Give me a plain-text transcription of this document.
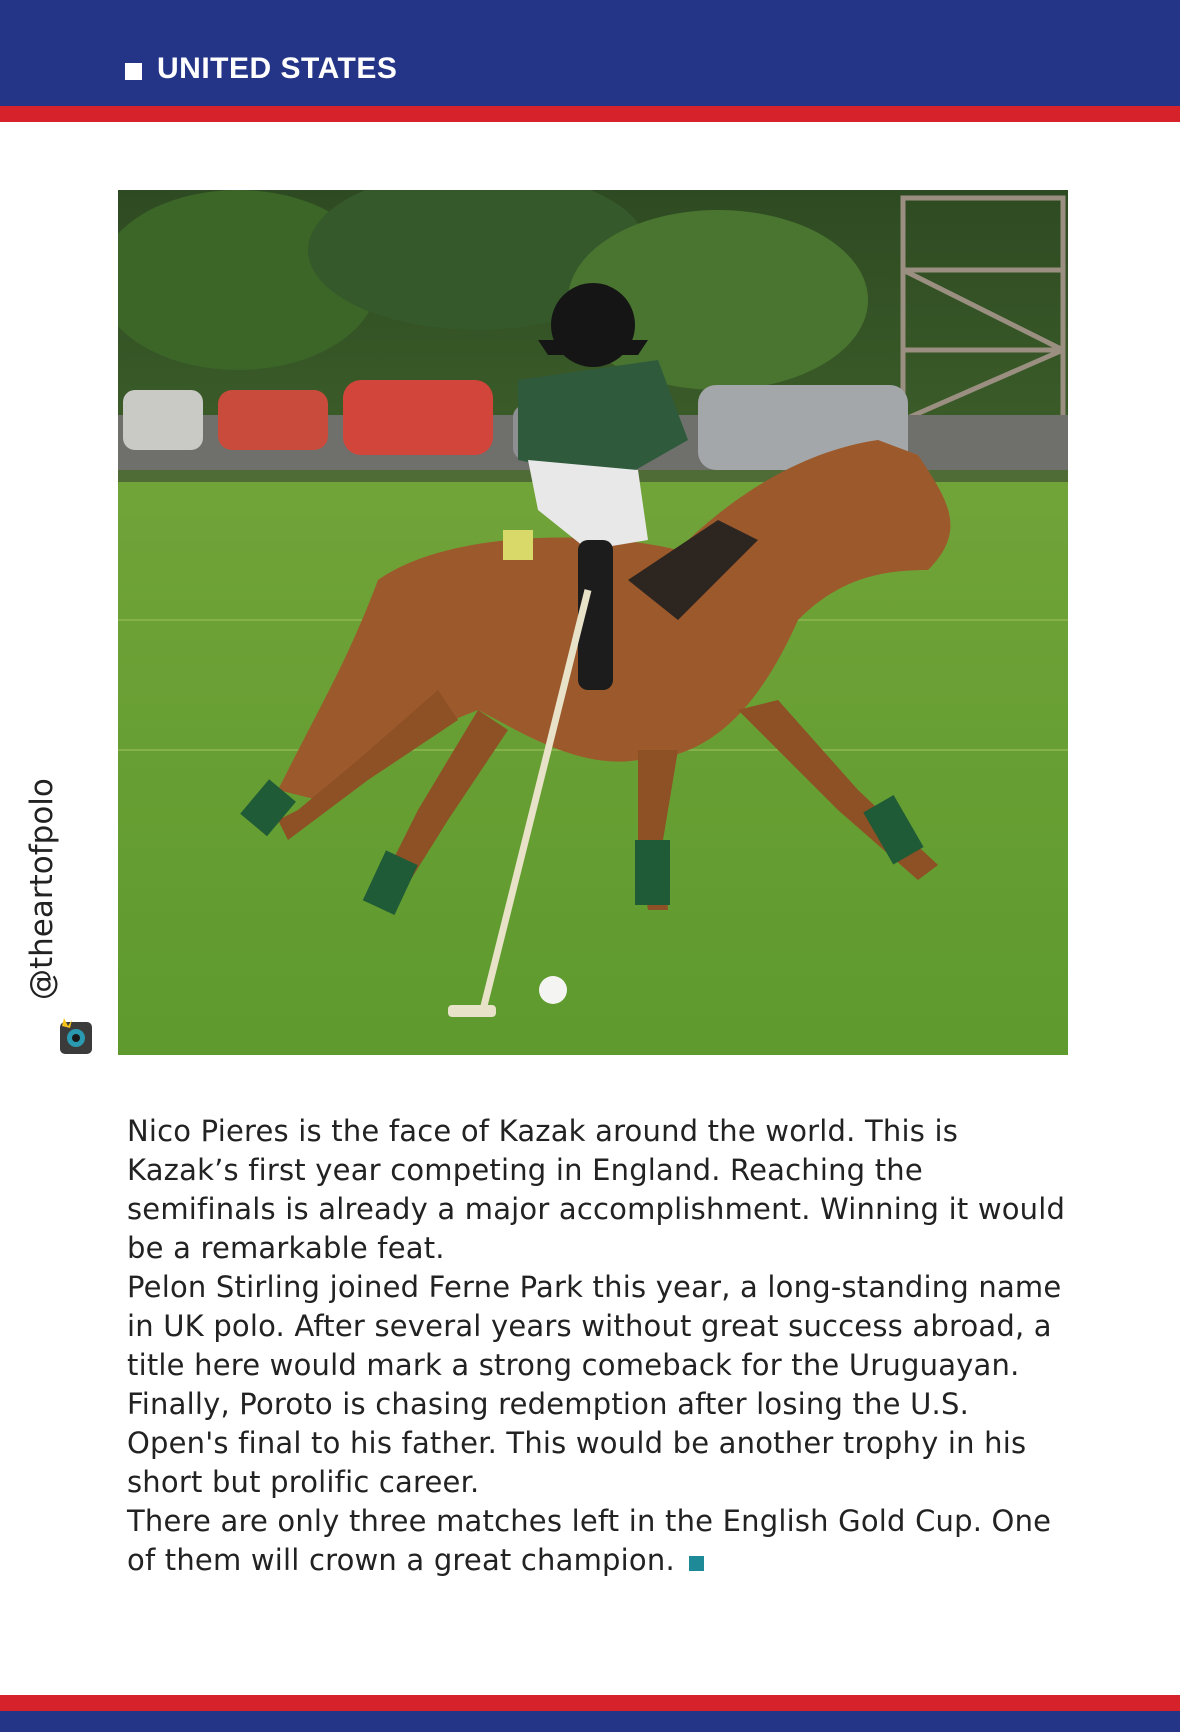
UNITED STATES
@theartofpolo

Nico Pieres is the face of Kazak around the world. This is Kazak’s first year competing in England. Reaching the semifinals is already a major accomplishment. Winning it would be a remarkable feat.

Pelon Stirling joined Ferne Park this year, a long-standing name in UK polo. After several years without great success abroad, a title here would mark a strong comeback for the Uruguayan.

Finally, Poroto is chasing redemption after losing the U.S. Open's final to his father. This would be another trophy in his short but prolific career.

There are only three matches left in the English Gold Cup. One of them will crown a great champion.
